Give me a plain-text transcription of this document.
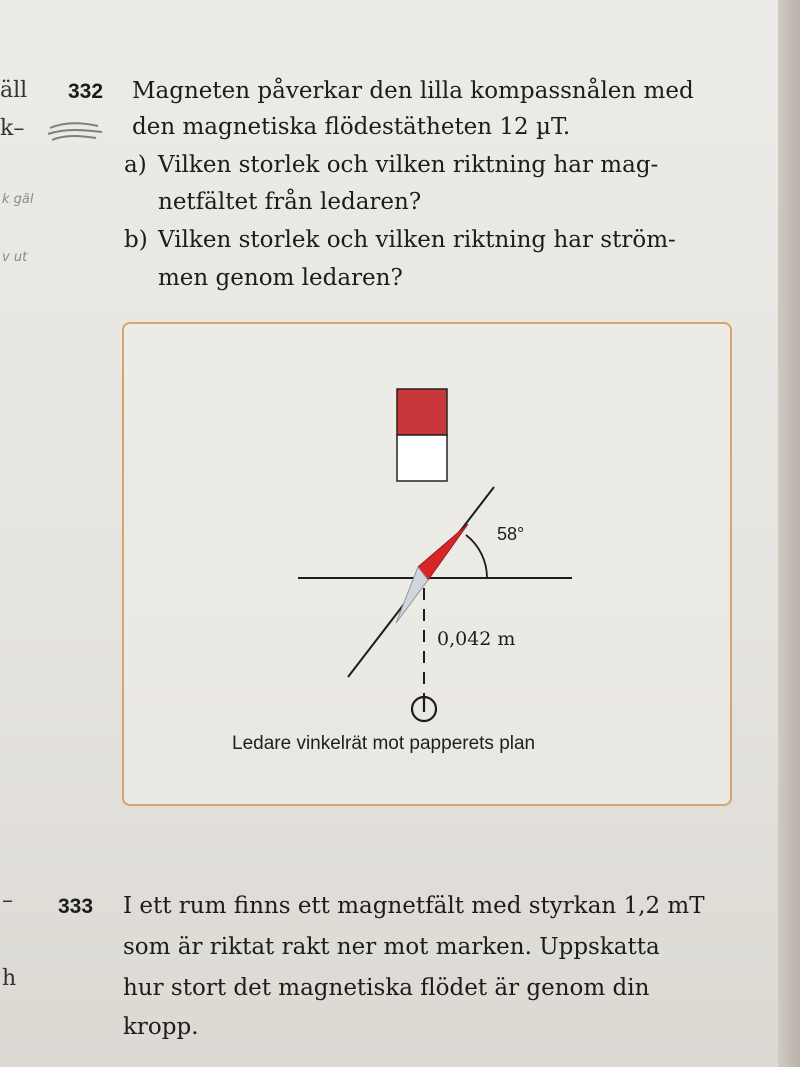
äll
k–
–
h
k gäl
v ut
332 Magneten påverkar den lilla kompassnålen med
den magnetiska flödestätheten 12 µT.
a) Vilken storlek och vilken riktning har mag-
netfältet från ledaren?
b) Vilken storlek och vilken riktning har ström-
men genom ledaren?
58°
0,042 m
Ledare vinkelrät mot papperets plan
333 I ett rum finns ett magnetfält med styrkan 1,2 mT
som är riktat rakt ner mot marken. Uppskatta
hur stort det magnetiska flödet är genom din
kropp.
